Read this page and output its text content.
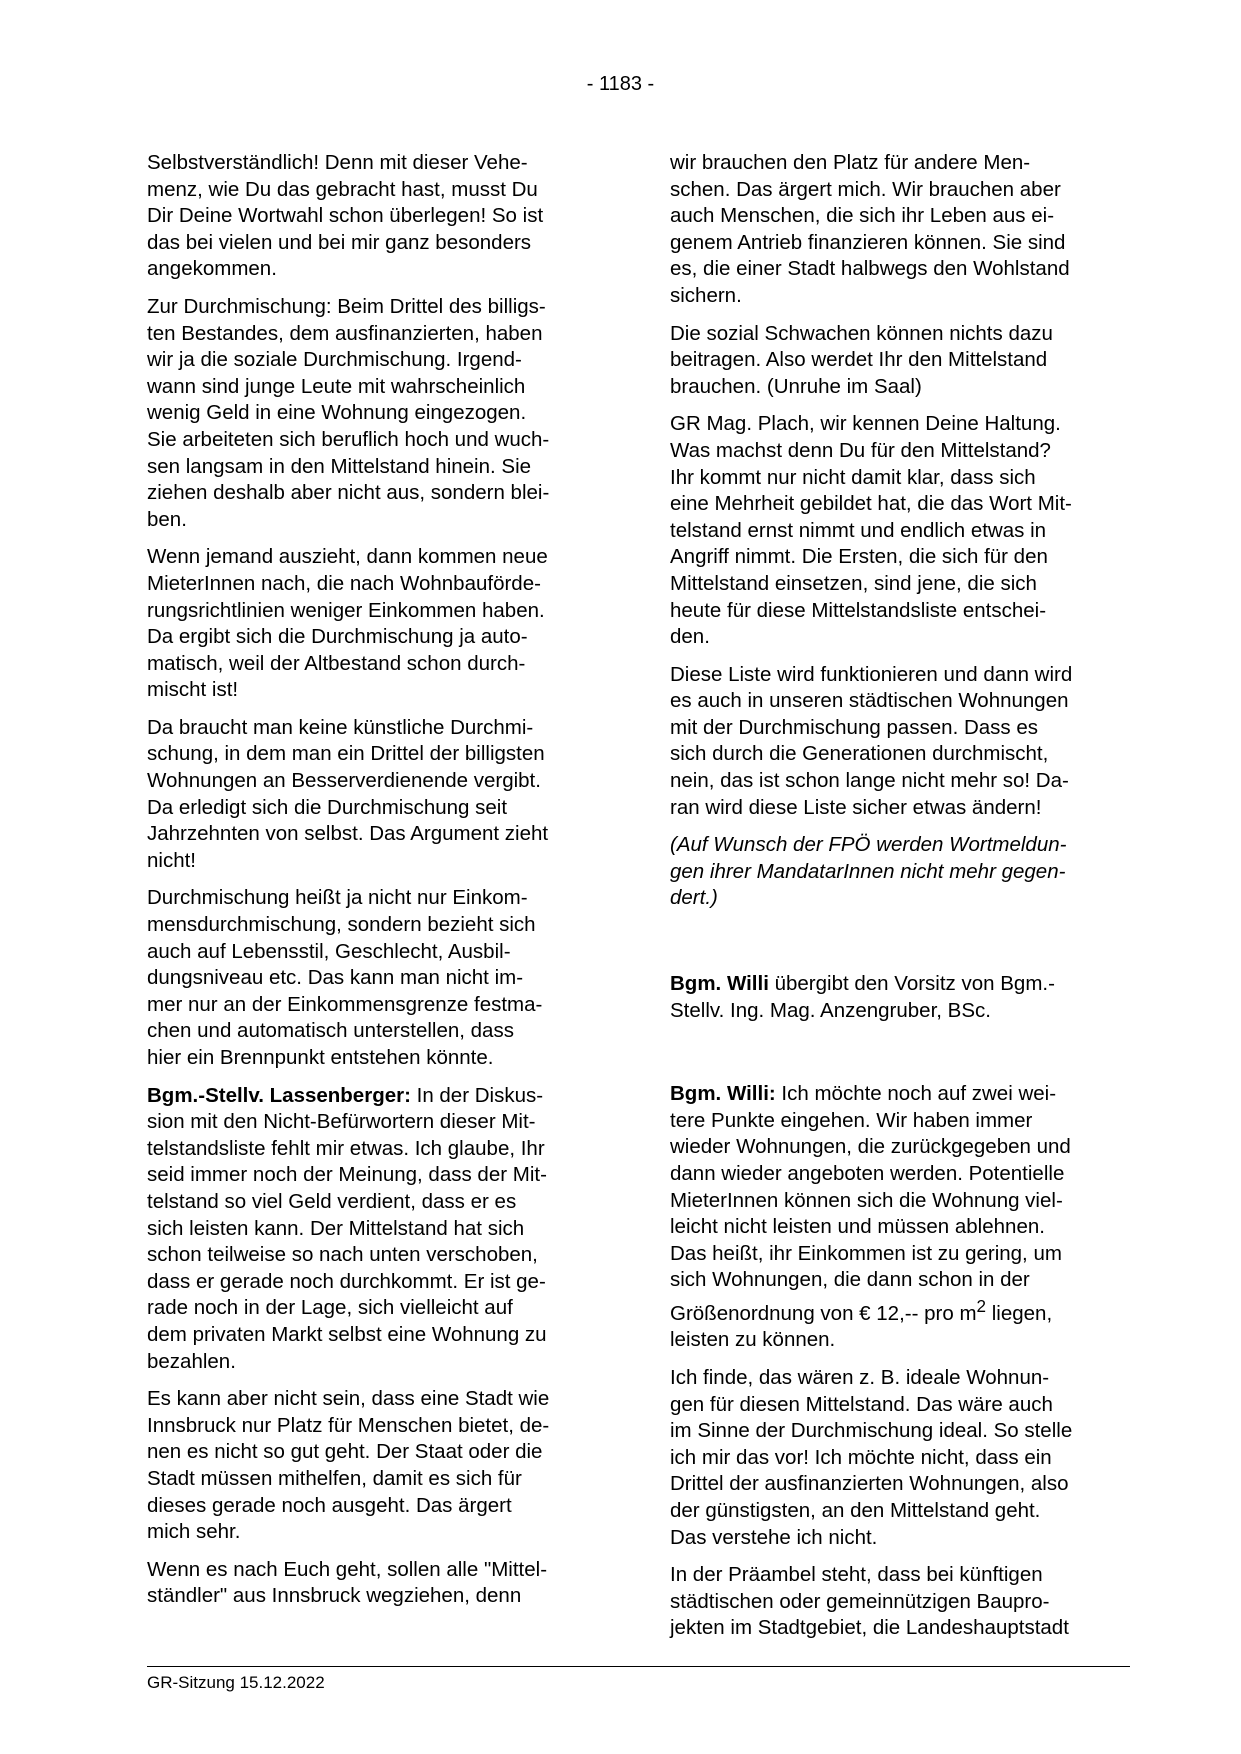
- 1183 -

Selbstverständlich! Denn mit dieser Vehe-
menz, wie Du das gebracht hast, musst Du
Dir Deine Wortwahl schon überlegen! So ist
das bei vielen und bei mir ganz besonders
angekommen.

Zur Durchmischung: Beim Drittel des billigs-
ten Bestandes, dem ausfinanzierten, haben
wir ja die soziale Durchmischung. Irgend-
wann sind junge Leute mit wahrscheinlich
wenig Geld in eine Wohnung eingezogen.
Sie arbeiteten sich beruflich hoch und wuch-
sen langsam in den Mittelstand hinein. Sie
ziehen deshalb aber nicht aus, sondern blei-
ben.

Wenn jemand auszieht, dann kommen neue
MieterInnen nach, die nach Wohnbauförde-
rungsrichtlinien weniger Einkommen haben.
Da ergibt sich die Durchmischung ja auto-
matisch, weil der Altbestand schon durch-
mischt ist!

Da braucht man keine künstliche Durchmi-
schung, in dem man ein Drittel der billigsten
Wohnungen an Besserverdienende vergibt.
Da erledigt sich die Durchmischung seit
Jahrzehnten von selbst. Das Argument zieht
nicht!

Durchmischung heißt ja nicht nur Einkom-
mensdurchmischung, sondern bezieht sich
auch auf Lebensstil, Geschlecht, Ausbil-
dungsniveau etc. Das kann man nicht im-
mer nur an der Einkommensgrenze festma-
chen und automatisch unterstellen, dass
hier ein Brennpunkt entstehen könnte.

Bgm.-Stellv. Lassenberger: In der Diskus-
sion mit den Nicht-Befürwortern dieser Mit-
telstandsliste fehlt mir etwas. Ich glaube, Ihr
seid immer noch der Meinung, dass der Mit-
telstand so viel Geld verdient, dass er es
sich leisten kann. Der Mittelstand hat sich
schon teilweise so nach unten verschoben,
dass er gerade noch durchkommt. Er ist ge-
rade noch in der Lage, sich vielleicht auf
dem privaten Markt selbst eine Wohnung zu
bezahlen.

Es kann aber nicht sein, dass eine Stadt wie
Innsbruck nur Platz für Menschen bietet, de-
nen es nicht so gut geht. Der Staat oder die
Stadt müssen mithelfen, damit es sich für
dieses gerade noch ausgeht. Das ärgert
mich sehr.

Wenn es nach Euch geht, sollen alle "Mittel-
ständler" aus Innsbruck wegziehen, denn

wir brauchen den Platz für andere Men-
schen. Das ärgert mich. Wir brauchen aber
auch Menschen, die sich ihr Leben aus ei-
genem Antrieb finanzieren können. Sie sind
es, die einer Stadt halbwegs den Wohlstand
sichern.

Die sozial Schwachen können nichts dazu
beitragen. Also werdet Ihr den Mittelstand
brauchen. (Unruhe im Saal)

GR Mag. Plach, wir kennen Deine Haltung.
Was machst denn Du für den Mittelstand?
Ihr kommt nur nicht damit klar, dass sich
eine Mehrheit gebildet hat, die das Wort Mit-
telstand ernst nimmt und endlich etwas in
Angriff nimmt. Die Ersten, die sich für den
Mittelstand einsetzen, sind jene, die sich
heute für diese Mittelstandsliste entschei-
den.

Diese Liste wird funktionieren und dann wird
es auch in unseren städtischen Wohnungen
mit der Durchmischung passen. Dass es
sich durch die Generationen durchmischt,
nein, das ist schon lange nicht mehr so! Da-
ran wird diese Liste sicher etwas ändern!

(Auf Wunsch der FPÖ werden Wortmeldun-
gen ihrer MandatarInnen nicht mehr gegen-
dert.)

Bgm. Willi übergibt den Vorsitz von Bgm.-
Stellv. Ing. Mag. Anzengruber, BSc.

Bgm. Willi: Ich möchte noch auf zwei wei-
tere Punkte eingehen. Wir haben immer
wieder Wohnungen, die zurückgegeben und
dann wieder angeboten werden. Potentielle
MieterInnen können sich die Wohnung viel-
leicht nicht leisten und müssen ablehnen.
Das heißt, ihr Einkommen ist zu gering, um
sich Wohnungen, die dann schon in der
Größenordnung von € 12,-- pro $m^2$ liegen,
leisten zu können.

Ich finde, das wären z. B. ideale Wohnun-
gen für diesen Mittelstand. Das wäre auch
im Sinne der Durchmischung ideal. So stelle
ich mir das vor! Ich möchte nicht, dass ein
Drittel der ausfinanzierten Wohnungen, also
der günstigsten, an den Mittelstand geht.
Das verstehe ich nicht.

In der Präambel steht, dass bei künftigen
städtischen oder gemeinnützigen Baupro-
jekten im Stadtgebiet, die Landeshauptstadt

GR-Sitzung 15.12.2022
